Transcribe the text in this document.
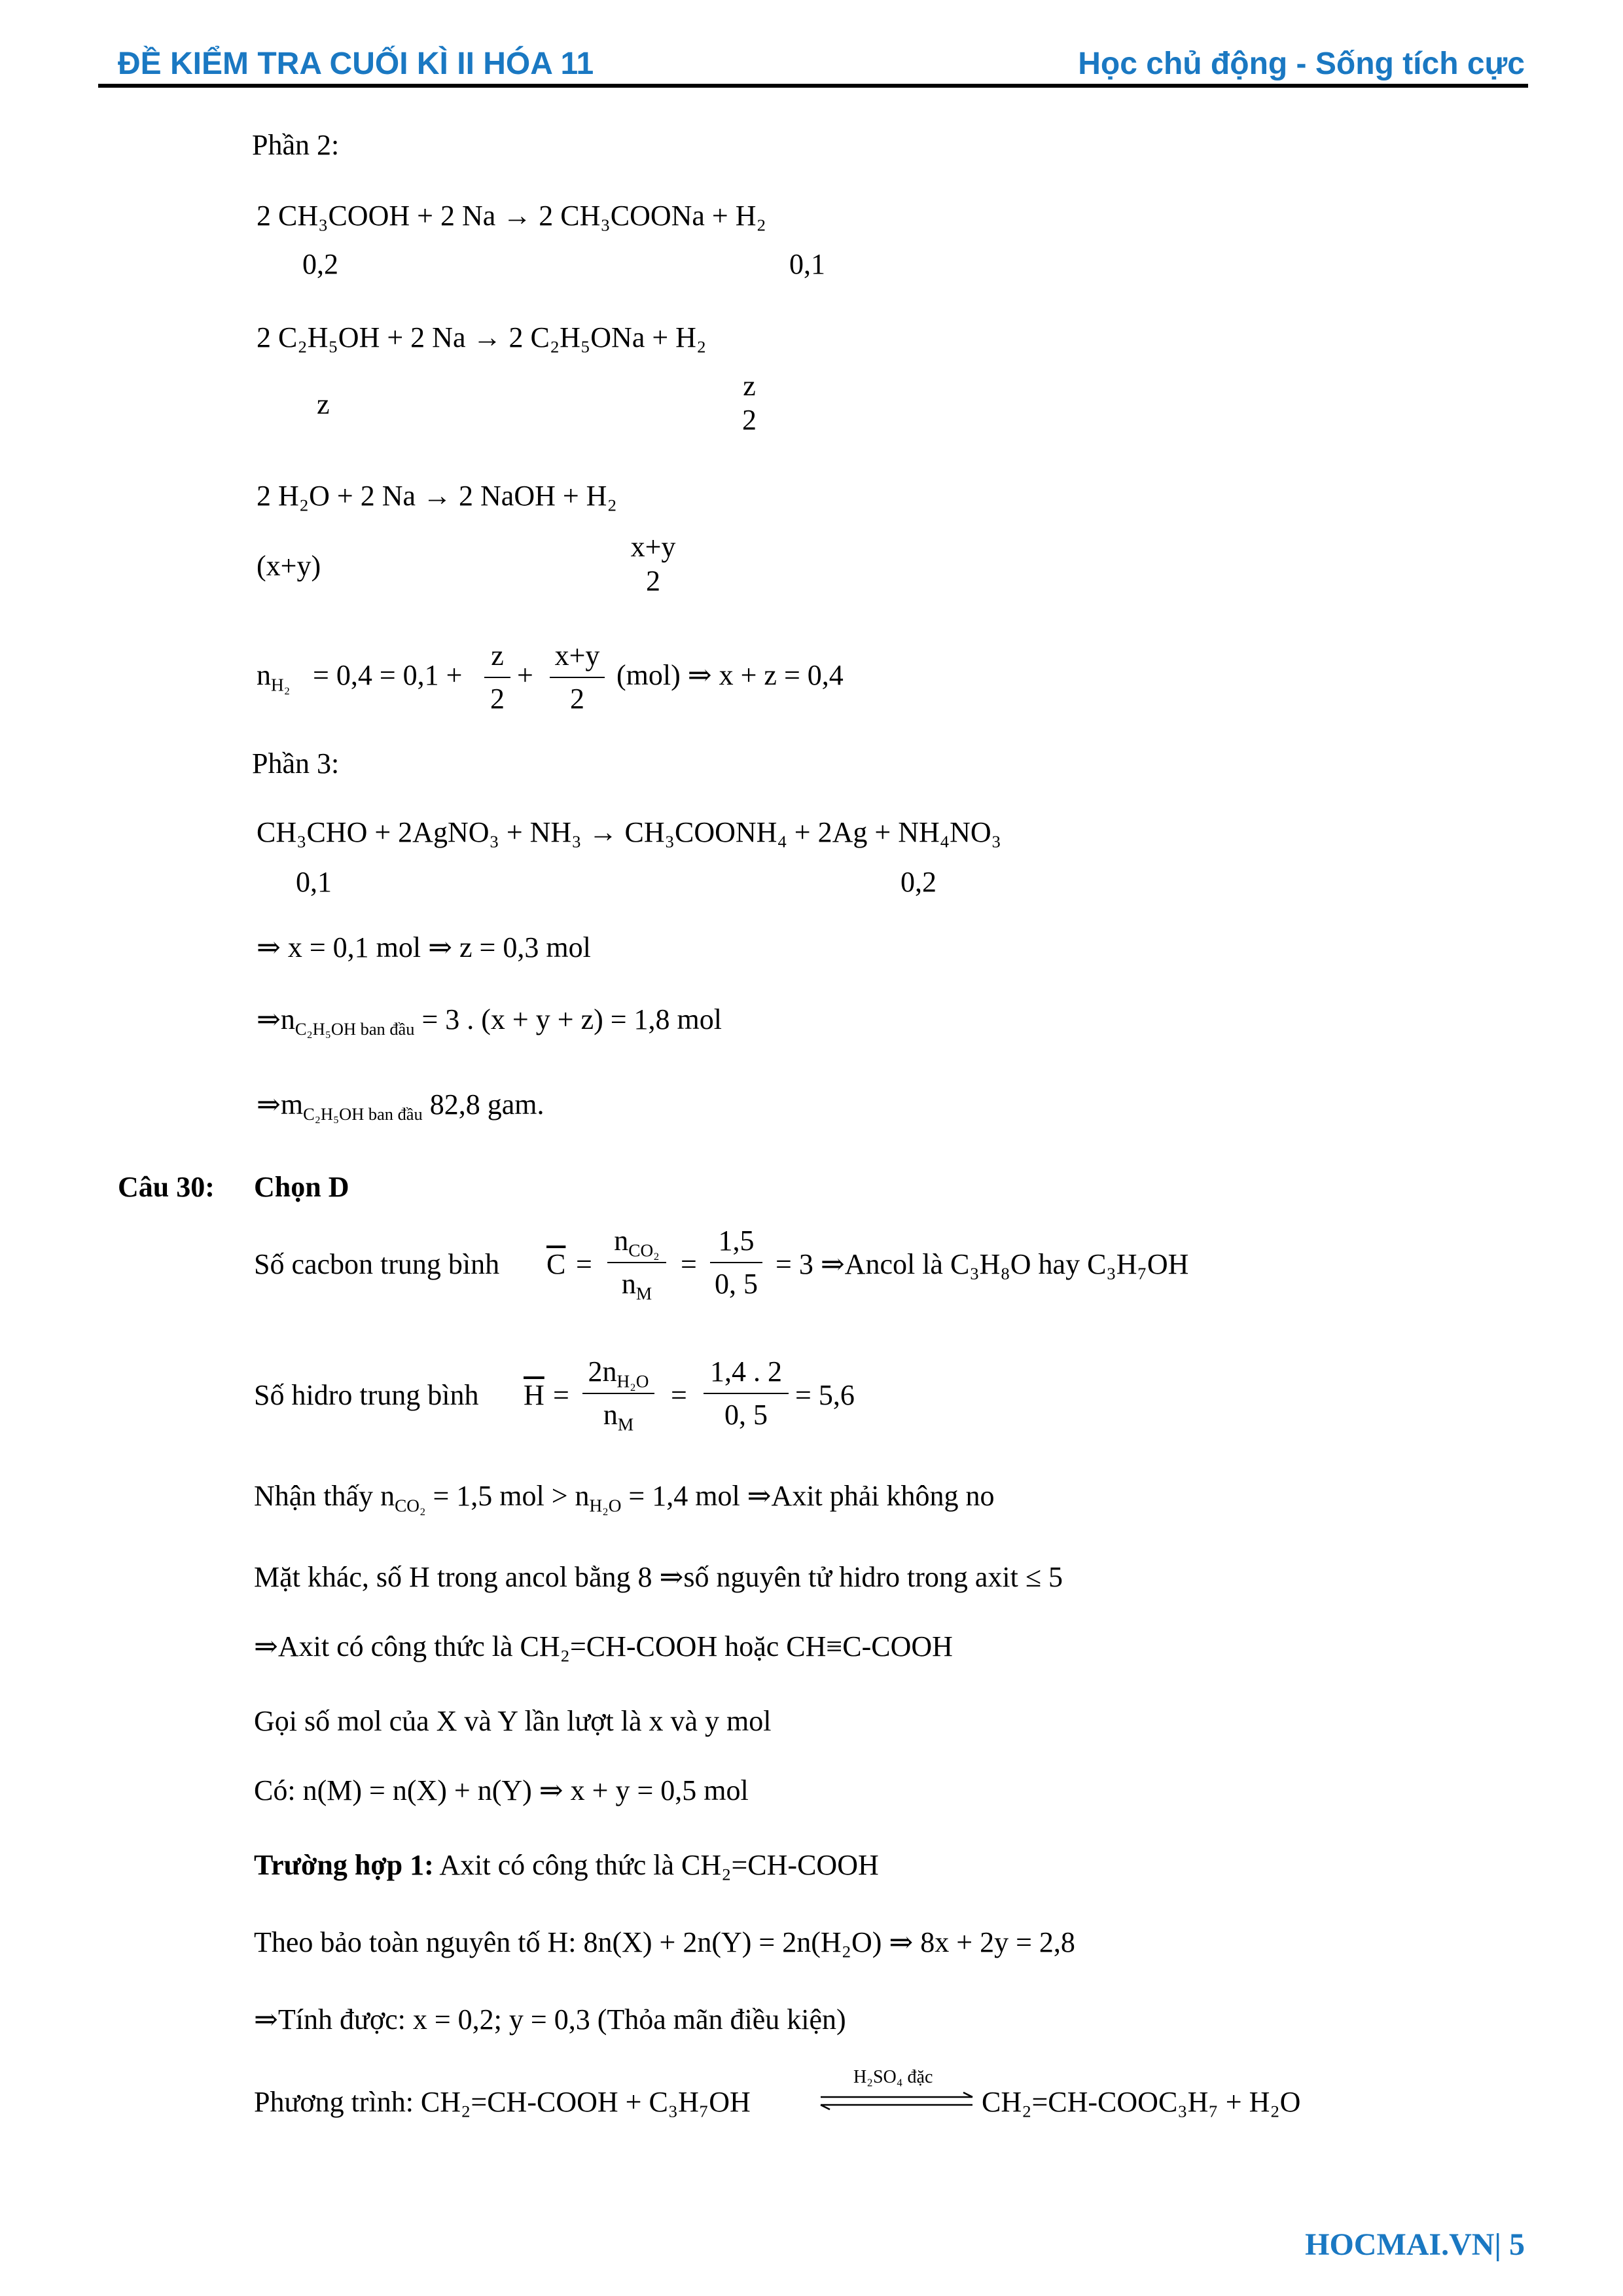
ĐỀ KIỂM TRA CUỐI KÌ II HÓA 11	Học chủ động - Sống tích cực
Phần 2:
2 CH₃COOH + 2 Na → 2 CH₃COONa + H₂
0,2	0,1
2 C₂H₅OH + 2 Na → 2 C₂H₅ONa + H₂
z
z
2
2 H₂O + 2 Na → 2 NaOH + H₂
(x+y)
x+y
2
$n_{H_2} = 0,4 = 0,1$ +
z
2
+
x+y
2
(mol) ⇒ x + z = 0,4
Phần 3:
CH₃CHO + 2AgNO₃ + NH₃ → CH₃COONH₄ + 2Ag + NH₄NO₃
0,1	0,2
⇒ x = 0,1 mol ⇒ z = 0,3 mol
$\Rightarrow n_{C_2H_5OH ban đầu} = 3$ . (x + y + z) = 1,8 mol
$\Rightarrow m_{C_2H_5OH ban đầu}$ 82,8 gam.
Câu 30: Chọn D
Số cacbon trung bình $\overline{C}$ =
$n_{CO_2}$
$n_M$
=
1,5
0, 5
= 3 ⇒Ancol là C₃H₈O hay C₃H₇OH
Số hidro trung bình $\overline{H}$ =
$2n_{H_2O}$
$n_M$
=
1,4 . 2
0, 5
= 5,6
Nhận thấy $n_{CO_2} = 1,5$ mol > $n_{H_2O} = 1,4$ mol ⇒Axit phải không no
Mặt khác, số H trong ancol bằng 8 ⇒số nguyên tử hidro trong axit ≤ 5
⇒Axit có công thức là CH₂=CH-COOH hoặc CH≡C-COOH
Gọi số mol của X và Y lần lượt là x và y mol
Có: n(M) = n(X) + n(Y) ⇒ x + y = 0,5 mol
Trường hợp 1: Axit có công thức là CH₂=CH-COOH
Theo bảo toàn nguyên tố H: 8n(X) + 2n(Y) = 2n(H₂O) ⇒ 8x + 2y = 2,8
⇒Tính được: x = 0,2; y = 0,3 (Thỏa mãn điều kiện)
Phương trình: CH₂=CH-COOH + C₃H₇OH
H₂SO₄ đặc
CH₂=CH-COOC₃H₇ + H₂O
HOCMAI.VN| 5
